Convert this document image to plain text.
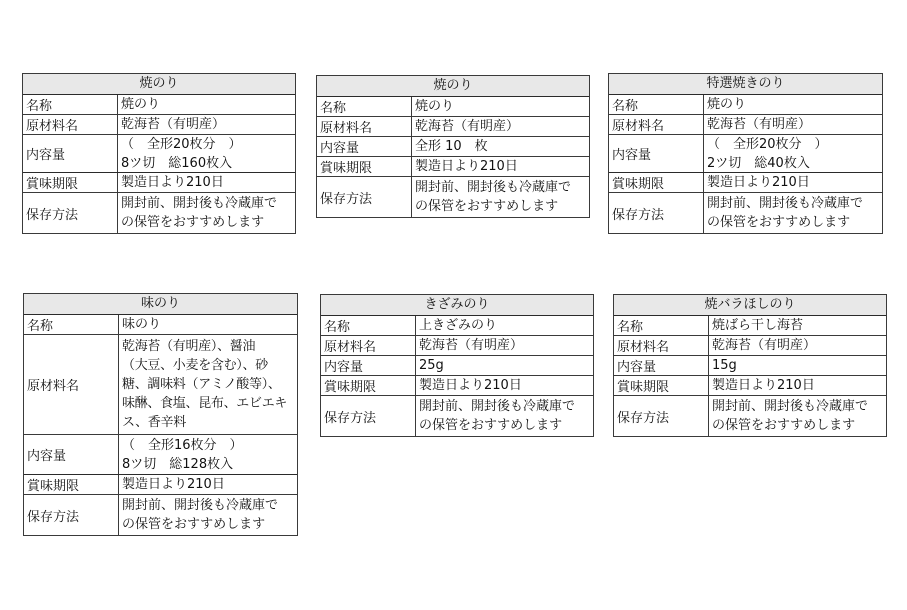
焼のり
名称	焼のり
原材料名	乾海苔（有明産）
内容量
（　全形20枚分　）
8ツ切　総160枚入
賞味期限	製造日より210日
保存方法
開封前、開封後も冷蔵庫で
の保管をおすすめします
焼のり
名称	焼のり
原材料名	乾海苔（有明産）
内容量	全形 10　枚
賞味期限	製造日より210日
保存方法
開封前、開封後も冷蔵庫で
の保管をおすすめします
特選焼きのり
名称	焼のり
原材料名	乾海苔（有明産）
内容量
（　全形20枚分　）
2ツ切　総40枚入
賞味期限	製造日より210日
保存方法
開封前、開封後も冷蔵庫で
の保管をおすすめします
味のり
名称	味のり
原材料名
乾海苔（有明産）、醤油
（大豆、小麦を含む）、砂
糖、調味料（アミノ酸等）、
味醂、食塩、昆布、エビエキ
ス、香辛料
内容量
（　全形16枚分　）
8ツ切　総128枚入
賞味期限	製造日より210日
保存方法
開封前、開封後も冷蔵庫で
の保管をおすすめします
きざみのり
名称	上きざみのり
原材料名	乾海苔（有明産）
内容量	25g
賞味期限	製造日より210日
保存方法
開封前、開封後も冷蔵庫で
の保管をおすすめします
焼バラほしのり
名称	焼ばら干し海苔
原材料名	乾海苔（有明産）
内容量	15g
賞味期限	製造日より210日
保存方法
開封前、開封後も冷蔵庫で
の保管をおすすめします
